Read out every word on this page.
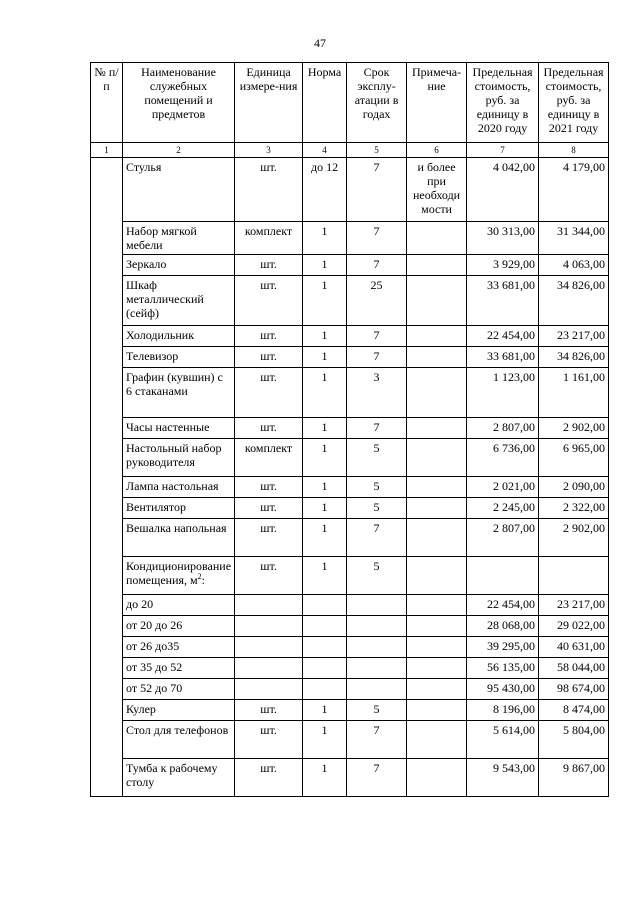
47
№ п/п	Наименование служебных помещений и предметов	Единица измере-ния	Норма	Срок эксплу-атации в годах	Примеча-ние	Предельная стоимость, руб. за единицу в 2020 году	Предельная стоимость, руб. за единицу в 2021 году
1	2	3	4	5	6	7	8
	Стулья	шт.	до 12	7	и более при необходи мости	4 042,00	4 179,00
	Набор мягкой мебели	комплект	1	7		30 313,00	31 344,00
	Зеркало	шт.	1	7		3 929,00	4 063,00
	Шкаф металлический (сейф)	шт.	1	25		33 681,00	34 826,00
	Холодильник	шт.	1	7		22 454,00	23 217,00
	Телевизор	шт.	1	7		33 681,00	34 826,00
	Графин (кувшин) с 6 стаканами	шт.	1	3		1 123,00	1 161,00
	Часы настенные	шт.	1	7		2 807,00	2 902,00
	Настольный набор руководителя	комплект	1	5		6 736,00	6 965,00
	Лампа настольная	шт.	1	5		2 021,00	2 090,00
	Вентилятор	шт.	1	5		2 245,00	2 322,00
	Вешалка напольная	шт.	1	7		2 807,00	2 902,00
	Кондиционирование помещения, $м^2$:	шт.	1	5			
	до 20					22 454,00	23 217,00
	от 20 до 26					28 068,00	29 022,00
	от 26 до35					39 295,00	40 631,00
	от 35 до 52					56 135,00	58 044,00
	от 52 до 70					95 430,00	98 674,00
	Кулер	шт.	1	5		8 196,00	8 474,00
	Стол для телефонов	шт.	1	7		5 614,00	5 804,00
	Тумба к рабочему столу	шт.	1	7		9 543,00	9 867,00
